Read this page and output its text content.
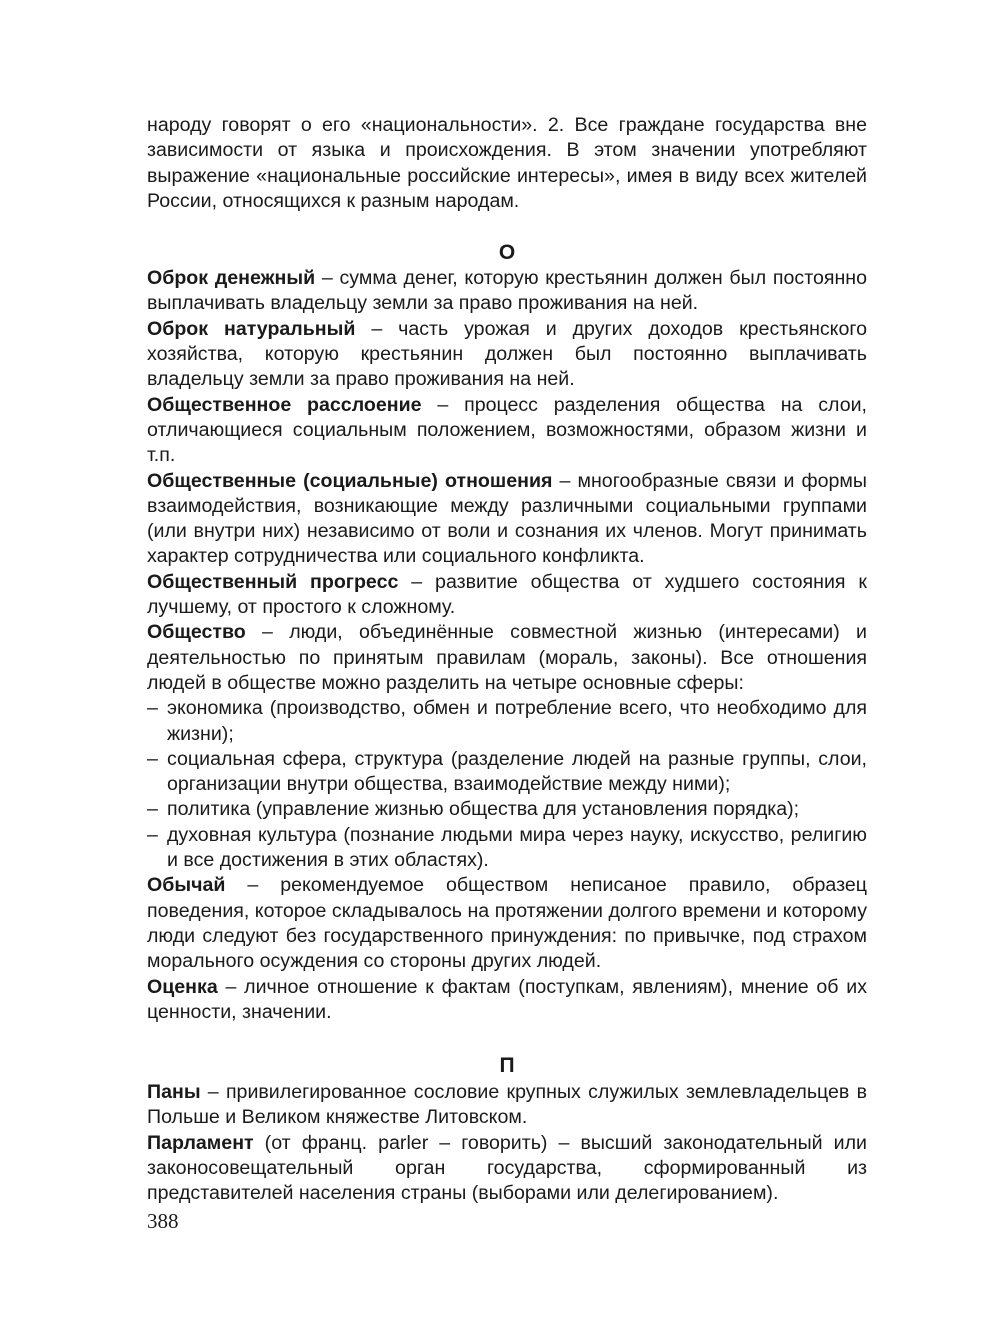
народу говорят о его «национальности». 2. Все граждане государства вне зависимости от языка и происхождения. В этом значении употребляют выражение «национальные российские интересы», имея в виду всех жителей России, относящихся к разным народам.

О

Оброк денежный – сумма денег, которую крестьянин должен был постоянно выплачивать владельцу земли за право проживания на ней.

Оброк натуральный – часть урожая и других доходов крестьянского хозяйства, которую крестьянин должен был постоянно выплачивать владельцу земли за право проживания на ней.

Общественное расслоение – процесс разделения общества на слои, отличающиеся социальным положением, возможностями, образом жизни и т.п.

Общественные (социальные) отношения – многообразные связи и формы взаимодействия, возникающие между различными социальными группами (или внутри них) независимо от воли и сознания их членов. Могут принимать характер сотрудничества или социального конфликта.

Общественный прогресс – развитие общества от худшего состояния к лучшему, от простого к сложному.

Общество – люди, объединённые совместной жизнью (интересами) и деятельностью по принятым правилам (мораль, законы). Все отношения людей в обществе можно разделить на четыре основные сферы:

– экономика (производство, обмен и потребление всего, что необходимо для жизни);
– социальная сфера, структура (разделение людей на разные группы, слои, организации внутри общества, взаимодействие между ними);
– политика (управление жизнью общества для установления порядка);
– духовная культура (познание людьми мира через науку, искусство, религию и все достижения в этих областях).

Обычай – рекомендуемое обществом неписаное правило, образец поведения, которое складывалось на протяжении долгого времени и которому люди следуют без государственного принуждения: по привычке, под страхом морального осуждения со стороны других людей.

Оценка – личное отношение к фактам (поступкам, явлениям), мнение об их ценности, значении.

П

Паны – привилегированное сословие крупных служилых землевладельцев в Польше и Великом княжестве Литовском.

Парламент (от франц. parler – говорить) – высший законодательный или законосовещательный орган государства, сформированный из представителей населения страны (выборами или делегированием).

388
